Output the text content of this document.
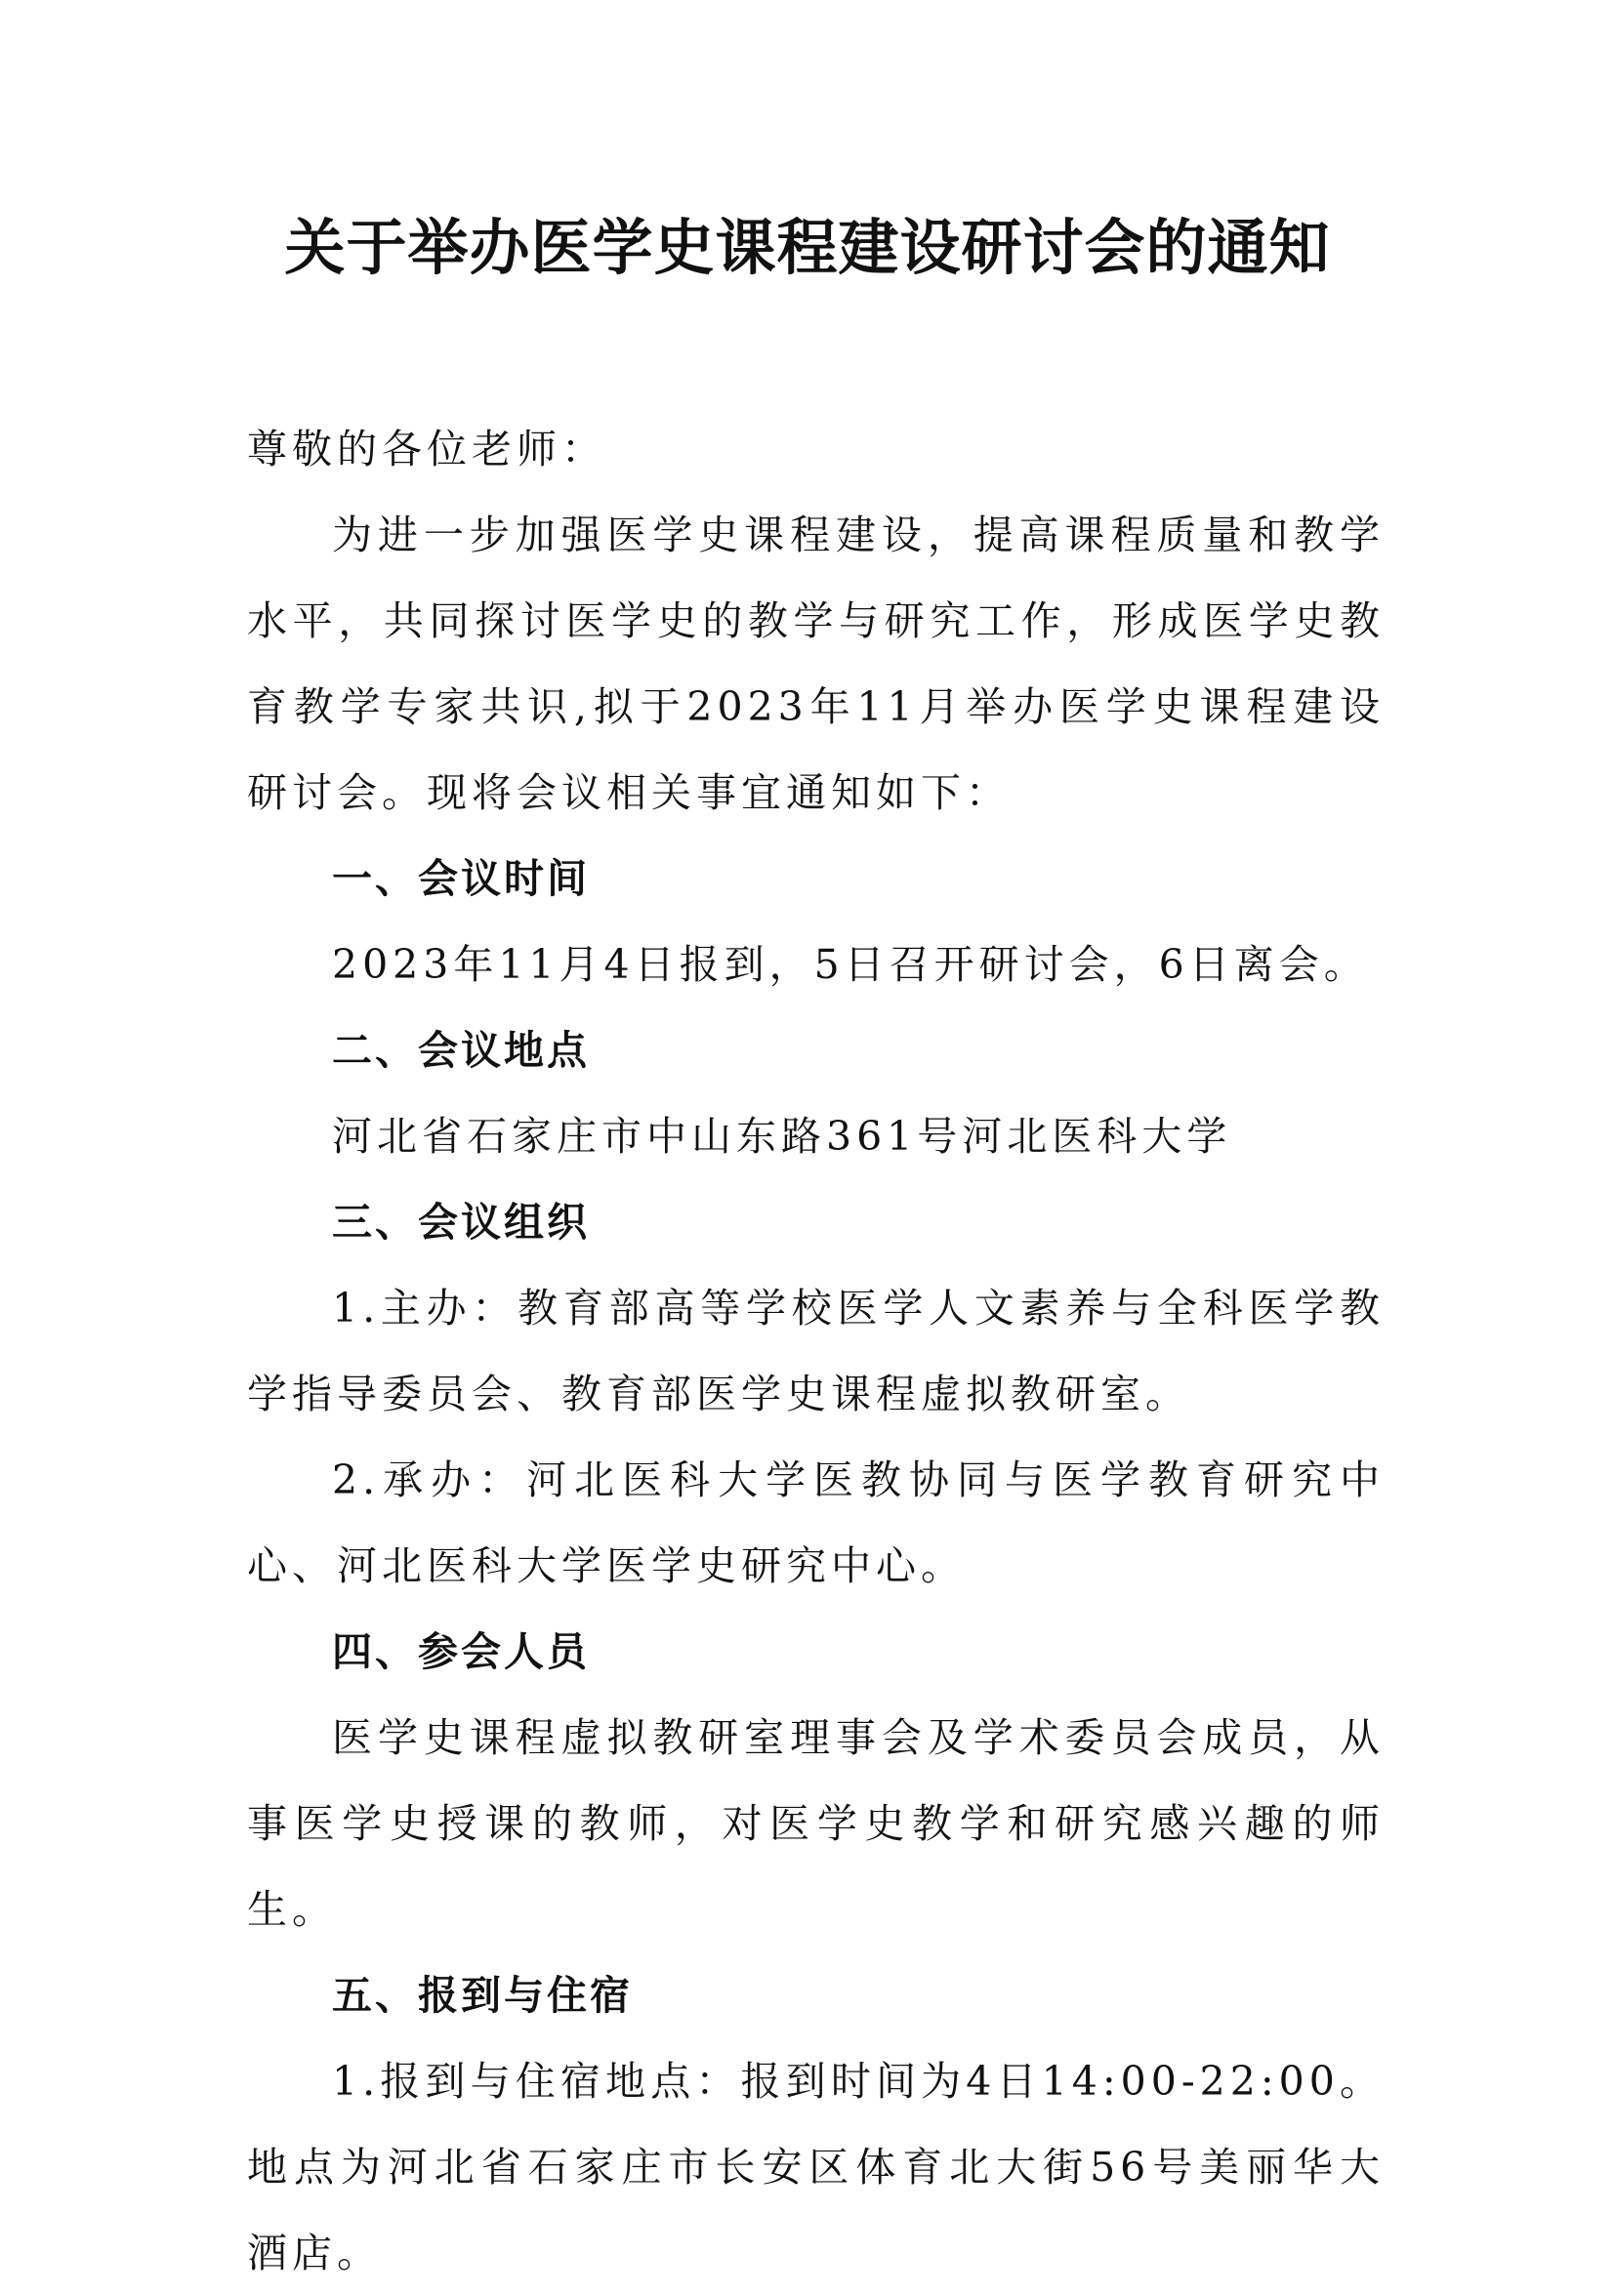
关于举办医学史课程建设研讨会的通知

尊敬的各位老师：

为进一步加强医学史课程建设，提高课程质量和教学水平，共同探讨医学史的教学与研究工作，形成医学史教育教学专家共识,拟于2023年11月举办医学史课程建设研讨会。现将会议相关事宜通知如下：

一、会议时间

2023年11月4日报到，5日召开研讨会，6日离会。

二、会议地点

河北省石家庄市中山东路361号河北医科大学

三、会议组织

1.主办：教育部高等学校医学人文素养与全科医学教学指导委员会、教育部医学史课程虚拟教研室。

2.承办：河北医科大学医教协同与医学教育研究中心、河北医科大学医学史研究中心。

四、参会人员

医学史课程虚拟教研室理事会及学术委员会成员，从事医学史授课的教师，对医学史教学和研究感兴趣的师生。

五、报到与住宿

1.报到与住宿地点：报到时间为4日14:00-22:00。地点为河北省石家庄市长安区体育北大街56号美丽华大酒店。
